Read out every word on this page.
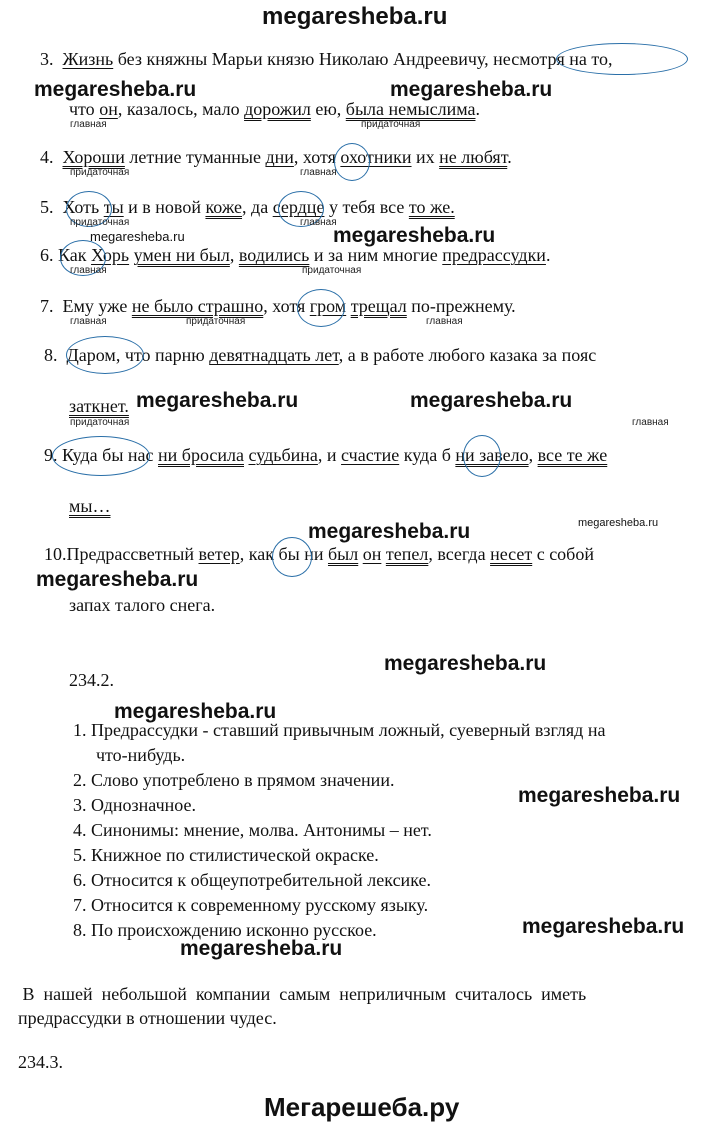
megaresheba.ru
megaresheba.ru	megaresheba.ru
megaresheba.ru	megaresheba.ru
megaresheba.ru	megaresheba.ru
megaresheba.ru	megaresheba.ru
megaresheba.ru
megaresheba.ru
megaresheba.ru
megaresheba.ru
megaresheba.ru
megaresheba.ru
3. Жизнь без княжны Марьи князю Николаю Андреевичу, несмотря на то,
что он, казалось, мало дорожил ею, была немыслима.
главная	придаточная
4. Хороши летние туманные дни, хотя охотники их не любят.
придаточная	главная
5. Хоть ты и в новой коже, да сердце у тебя все то же.
придаточная	главная
6. Как Хорь умен ни был, водились и за ним многие предрассудки.
главная	придаточная
7. Ему уже не было страшно, хотя гром трещал по-прежнему.
главная	придаточная	главная
8. Даром, что парню девятнадцать лет, а в работе любого казака за пояс
заткнет.
придаточная	главная
9. Куда бы нас ни бросила судьбина, и счастие куда б ни завело, все те же
мы…
10.Предрассветный ветер, как бы ни был он тепел, всегда несет с собой
запах талого снега.
234.2.
1. Предрассудки - ставший привычным ложный, суеверный взгляд на
что-нибудь.
2. Слово употреблено в прямом значении.
3. Однозначное.
4. Синонимы: мнение, молва. Антонимы – нет.
5. Книжное по стилистической окраске.
6. Относится к общеупотребительной лексике.
7. Относится к современному русскому языку.
8. По происхождению исконно русское.
В  нашей  небольшой  компании  самым  неприличным  считалось  иметь
предрассудки в отношении чудес.
234.3.
Мегарешеба.ру
